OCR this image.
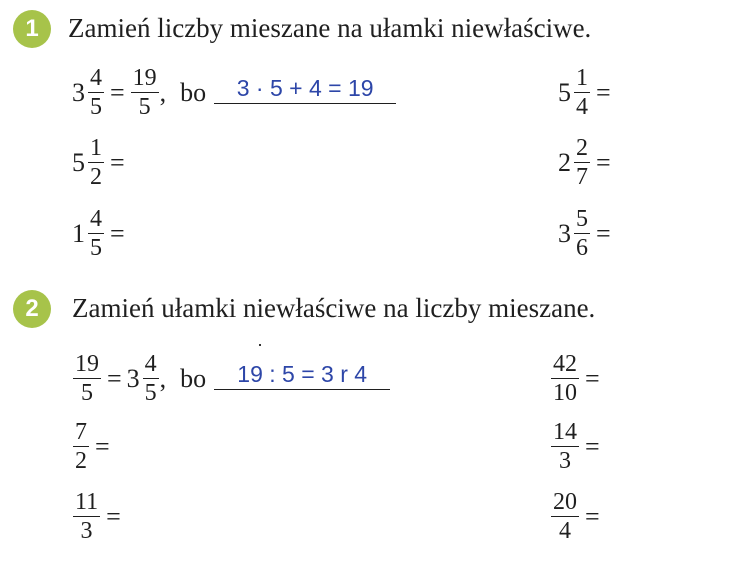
1 Zamień liczby mieszane na ułamki niewłaściwe.
$3 \frac{4}{5} = \frac{19}{5}$ , bo	3 · 5 + 4 = 19
$5 \frac{1}{2}$ =
$1 \frac{4}{5}$ =
$5 \frac{1}{4}$ =
$2 \frac{2}{7}$ =
$3 \frac{5}{6}$ =
2 Zamień ułamki niewłaściwe na liczby mieszane.
$\frac{19}{5} = 3 \frac{4}{5}$ , bo	19 : 5 = 3 r 4
$\frac{7}{2}$ =
$\frac{11}{3}$ =
$\frac{42}{10}$ =
$\frac{14}{3}$ =
$\frac{20}{4}$ =
